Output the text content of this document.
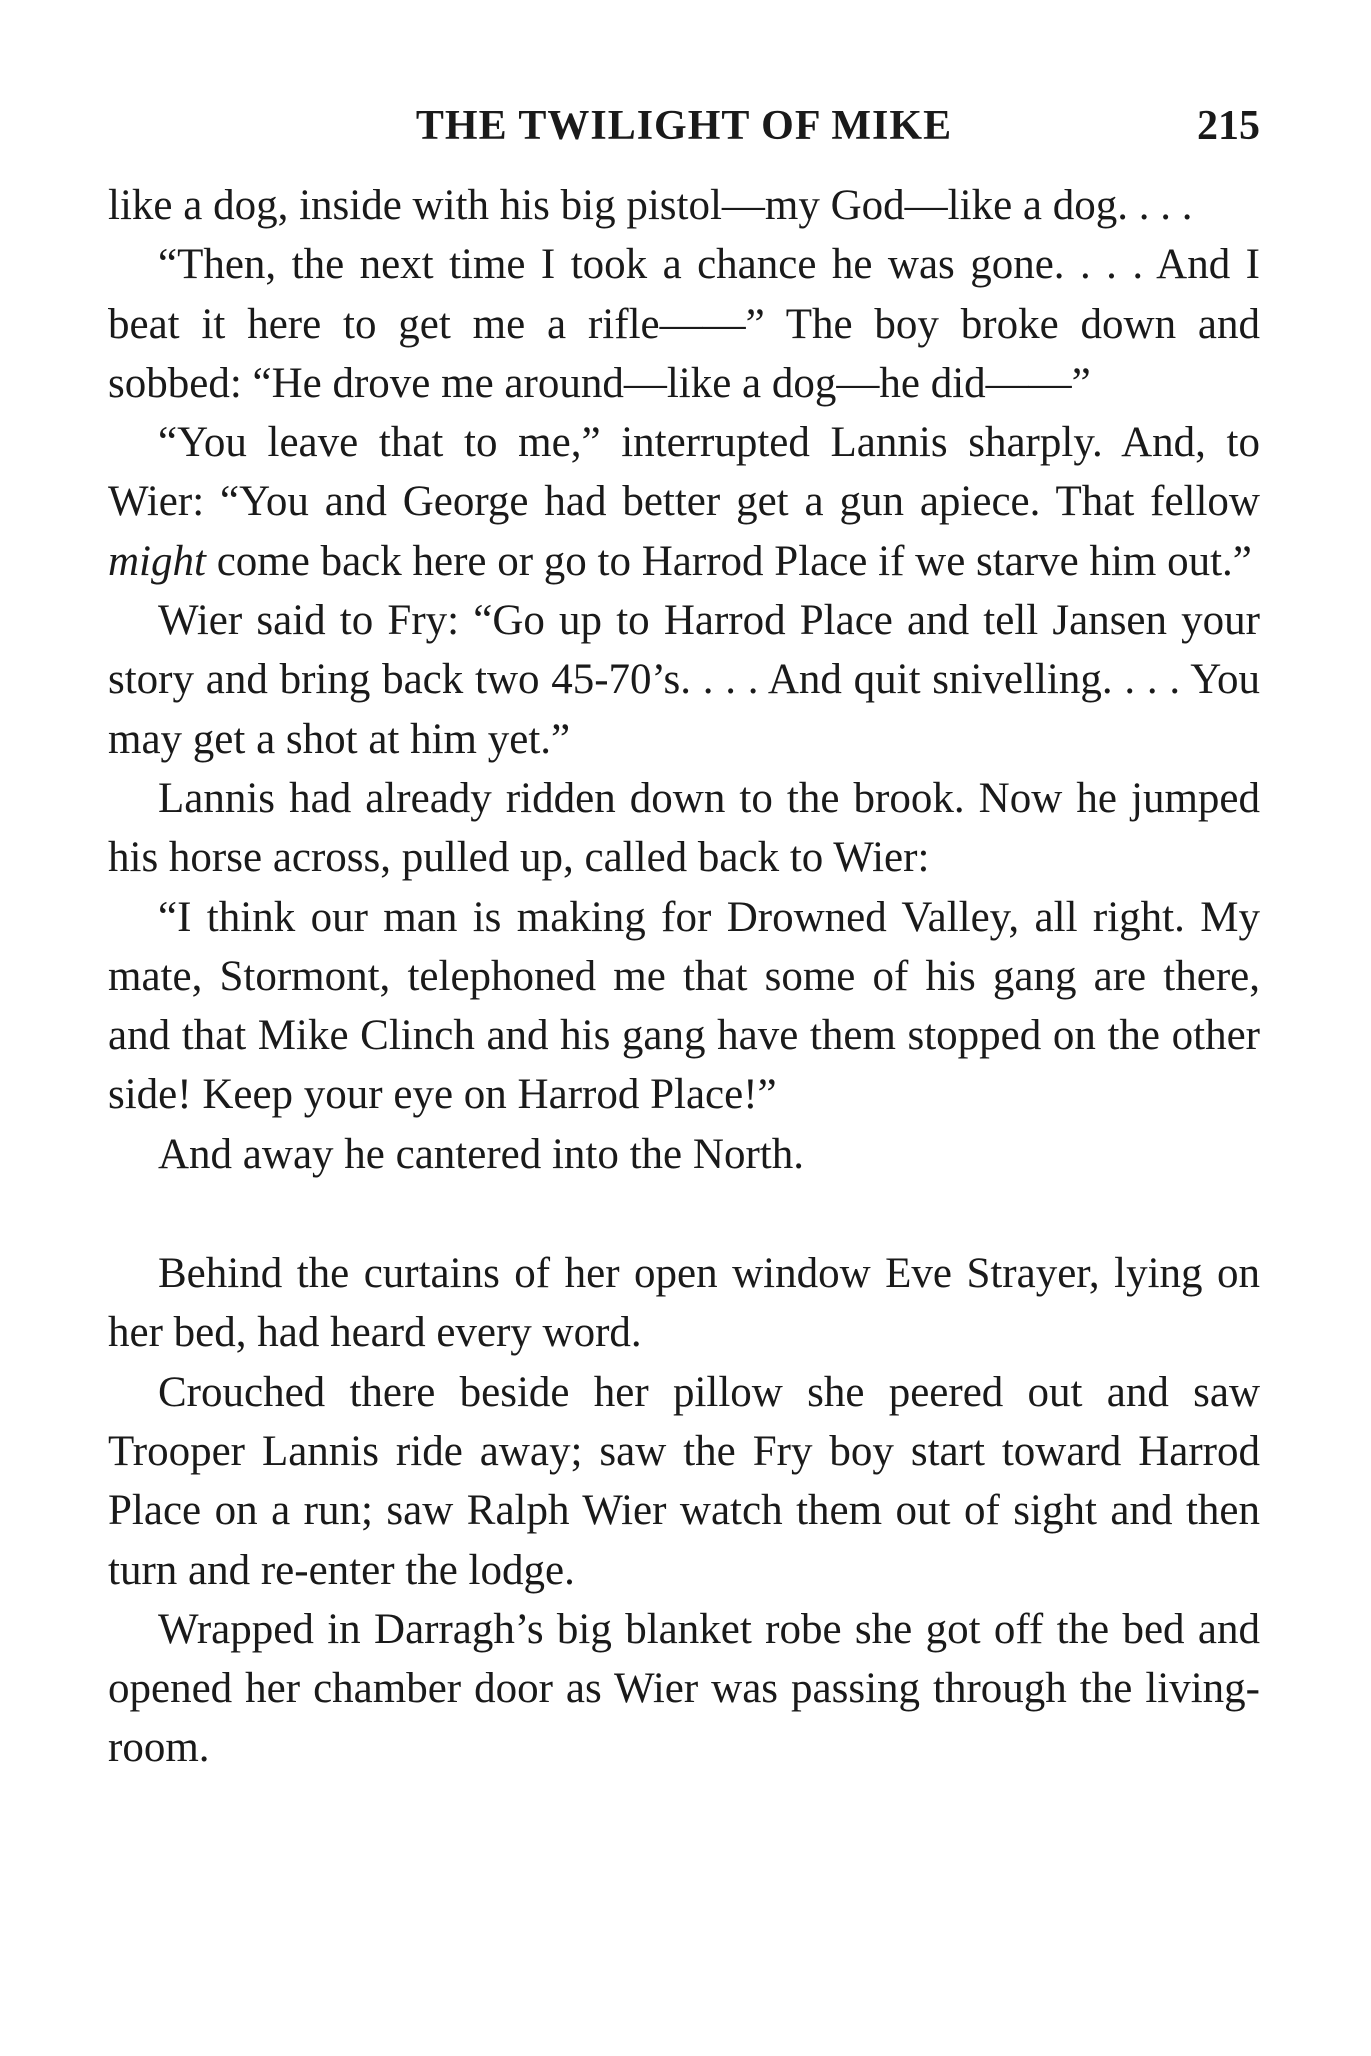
THE TWILIGHT OF MIKE	215

like a dog, inside with his big pistol—my God—like a dog. . . .

“Then, the next time I took a chance he was gone. . . . And I beat it here to get me a rifle——” The boy broke down and sobbed: “He drove me around—like a dog—he did——”

“You leave that to me,” interrupted Lannis sharply. And, to Wier: “You and George had better get a gun apiece. That fellow might come back here or go to Harrod Place if we starve him out.”

Wier said to Fry: “Go up to Harrod Place and tell Jansen your story and bring back two 45-70’s. . . . And quit snivelling. . . . You may get a shot at him yet.”

Lannis had already ridden down to the brook. Now he jumped his horse across, pulled up, called back to Wier:

“I think our man is making for Drowned Valley, all right. My mate, Stormont, telephoned me that some of his gang are there, and that Mike Clinch and his gang have them stopped on the other side! Keep your eye on Harrod Place!”

And away he cantered into the North.

Behind the curtains of her open window Eve Strayer, lying on her bed, had heard every word.

Crouched there beside her pillow she peered out and saw Trooper Lannis ride away; saw the Fry boy start toward Harrod Place on a run; saw Ralph Wier watch them out of sight and then turn and re-enter the lodge.

Wrapped in Darragh’s big blanket robe she got off the bed and opened her chamber door as Wier was passing through the living-room.
